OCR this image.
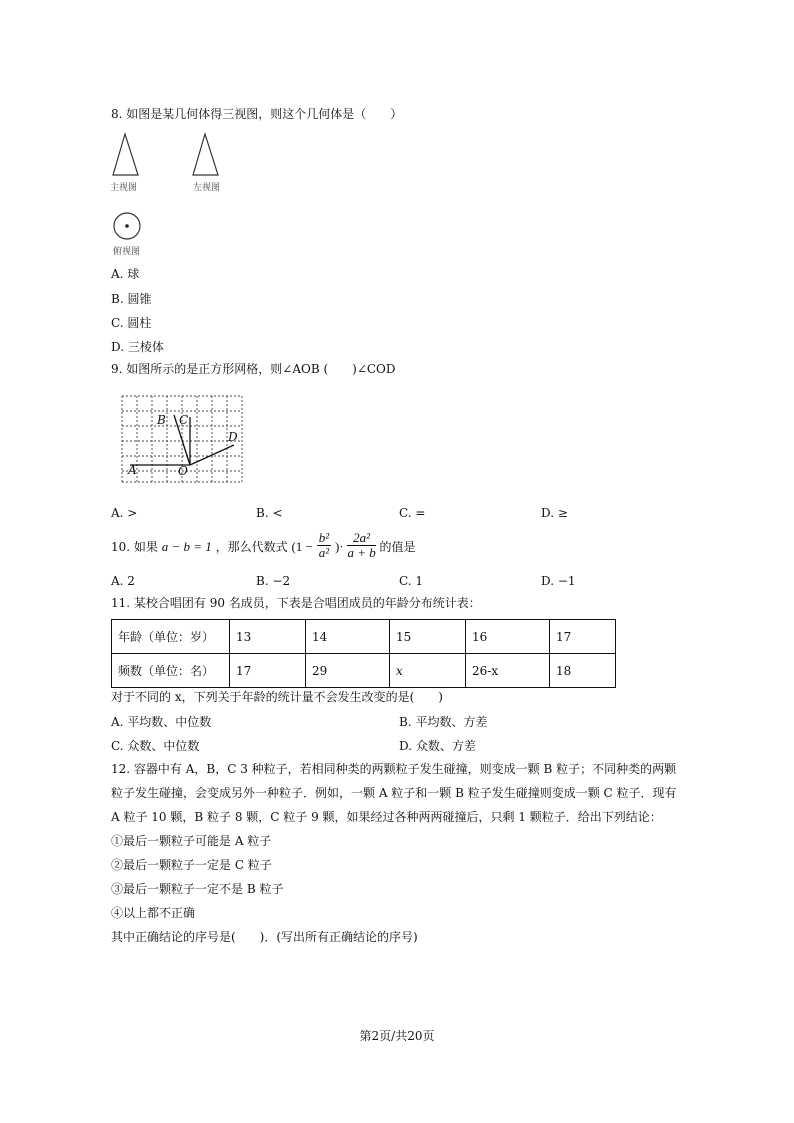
8. 如图是某几何体得三视图，则这个几何体是（　　）
主视图	左视图
俯视图
A. 球
B. 圆锥
C. 圆柱
D. 三棱体
9. 如图所示的是正方形网格，则∠AOB (　　)∠COD
A
B C
D
O
A. >	B. <	C. =	D. ≥
10. 如果 a − b = 1 ，那么代数式 ($1 - \frac{\text{b²}}{\text{a²}}$ )· $\frac{\text{2a²}}{a + b}$ 的值是
A. 2	B. −2	C. 1	D. −1
11. 某校合唱团有 90 名成员，下表是合唱团成员的年龄分布统计表：
年龄（单位：岁）	13	14	15	16	17
频数（单位：名）	17	29	x	26-x	18
对于不同的 x，下列关于年龄的统计量不会发生改变的是(　　)
A. 平均数、中位数	B. 平均数、方差
C. 众数、中位数	D. 众数、方差
12. 容器中有 A，B，C 3 种粒子，若相同种类的两颗粒子发生碰撞，则变成一颗 B 粒子；不同种类的两颗
粒子发生碰撞，会变成另外一种粒子．例如，一颗 A 粒子和一颗 B 粒子发生碰撞则变成一颗 C 粒子．现有
A 粒子 10 颗，B 粒子 8 颗，C 粒子 9 颗，如果经过各种两两碰撞后，只剩 1 颗粒子．给出下列结论：
①最后一颗粒子可能是 A 粒子
②最后一颗粒子一定是 C 粒子
③最后一颗粒子一定不是 B 粒子
④以上都不正确
其中正确结论的序号是(　　)．(写出所有正确结论的序号)
第2页/共20页
